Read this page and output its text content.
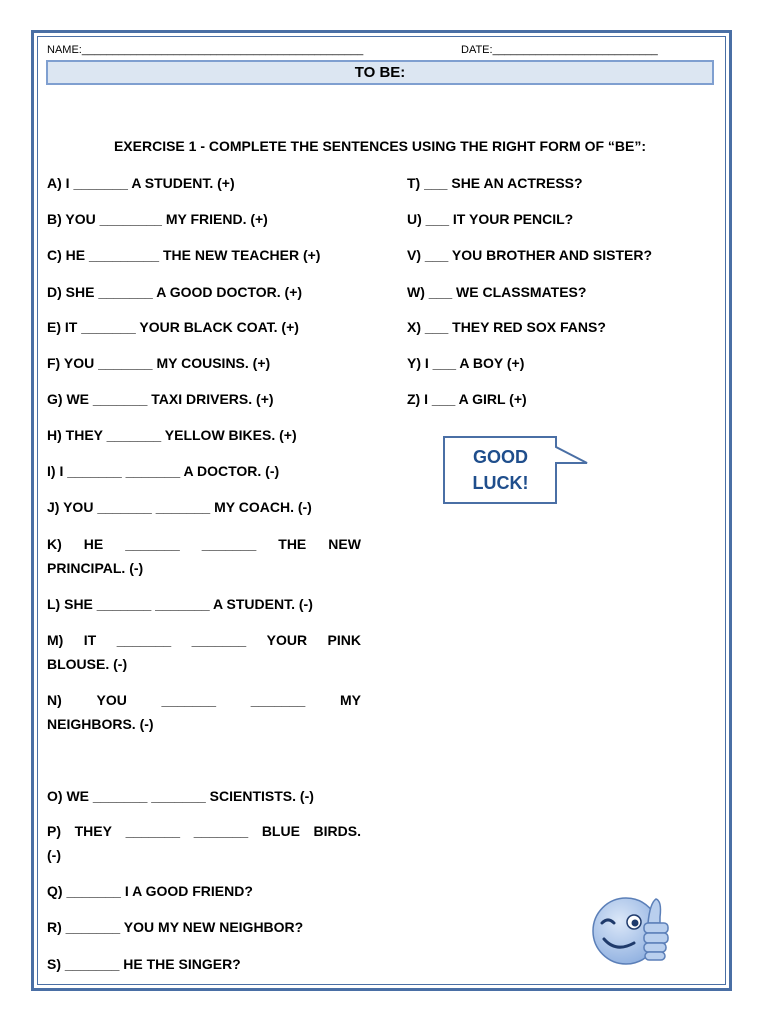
NAME:______________________________________________	DATE:___________________________
TO BE:
EXERCISE 1 - COMPLETE THE SENTENCES USING THE RIGHT FORM OF “BE”:
A) I _______ A STUDENT. (+)
B) YOU ________ MY FRIEND. (+)
C) HE _________ THE NEW TEACHER (+)
D) SHE _______ A GOOD DOCTOR. (+)
E) IT _______ YOUR BLACK COAT. (+)
F) YOU _______ MY COUSINS. (+)
G) WE _______ TAXI DRIVERS. (+)
H) THEY _______ YELLOW BIKES. (+)
I) I _______ _______ A DOCTOR. (-)
J) YOU _______ _______ MY COACH. (-)
K) HE _______ _______ THE NEW
PRINCIPAL. (-)
L) SHE _______ _______ A STUDENT. (-)
M) IT _______ _______ YOUR PINK
BLOUSE. (-)
N) YOU _______ _______ MY
NEIGHBORS. (-)
O) WE _______ _______ SCIENTISTS. (-)
P) THEY _______ _______ BLUE BIRDS.
(-)
Q) _______ I A GOOD FRIEND?
R) _______ YOU MY NEW NEIGHBOR?
S) _______ HE THE SINGER?
T) ___ SHE AN ACTRESS?
U) ___ IT YOUR PENCIL?
V) ___ YOU BROTHER AND SISTER?
W) ___ WE CLASSMATES?
X) ___ THEY RED SOX FANS?
Y) I ___ A BOY (+)
Z) I ___ A GIRL (+)
GOOD
LUCK!
